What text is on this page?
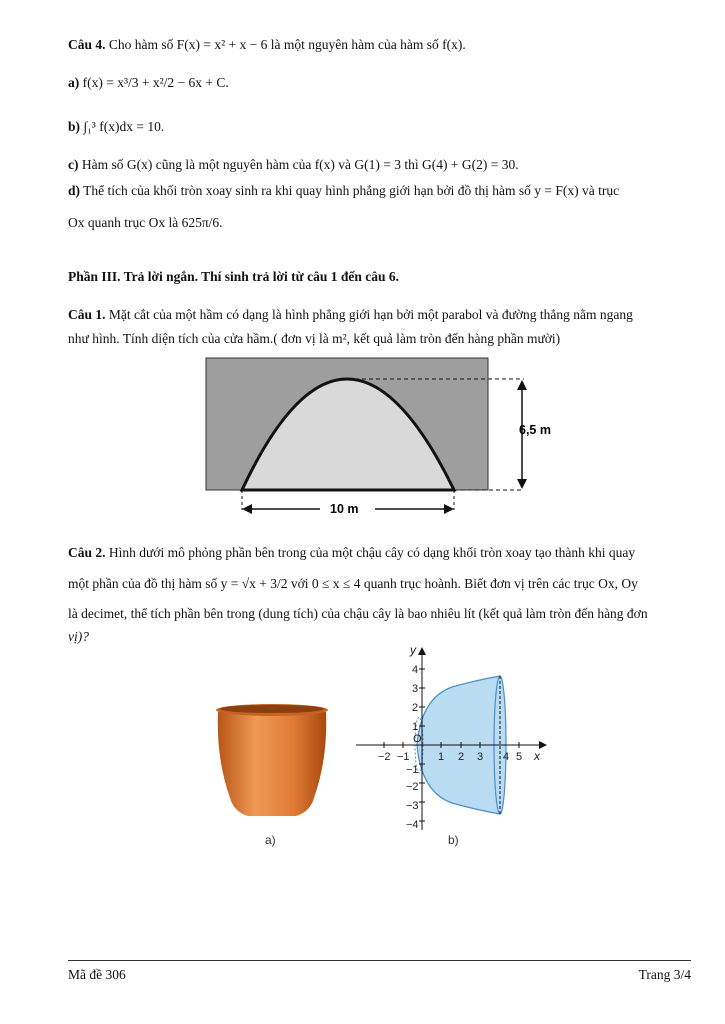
Câu 4. Cho hàm số F(x) = x² + x − 6 là một nguyên hàm của hàm số f(x).
a) f(x) = x³/3 + x²/2 − 6x + C.
b) ∫₁³ f(x)dx = 10.
c) Hàm số G(x) cũng là một nguyên hàm của f(x) và G(1) = 3 thì G(4) + G(2) = 30.
d) Thể tích của khối tròn xoay sinh ra khi quay hình phẳng giới hạn bởi đồ thị hàm số y = F(x) và trục
Ox quanh trục Ox là 625π/6.
Phần III. Trả lời ngắn. Thí sinh trả lời từ câu 1 đến câu 6.
Câu 1. Mặt cắt của một hầm có dạng là hình phẳng giới hạn bởi một parabol và đường thẳng nằm ngang
như hình. Tính diện tích của cửa hầm.( đơn vị là m², kết quả làm tròn đến hàng phần mười)
6,5 m
10 m
Câu 2. Hình dưới mô phỏng phần bên trong của một chậu cây có dạng khối tròn xoay tạo thành khi quay
một phần của đồ thị hàm số y = √x + 3/2 với 0 ≤ x ≤ 4 quanh trục hoành. Biết đơn vị trên các trục Ox, Oy
là decimet, thể tích phần bên trong (dung tích) của chậu cây là bao nhiêu lít (kết quả làm tròn đến hàng đơn
vị)?
a)
−2 −1	1 2 3 4 5
4
3
2
1
−1
−2
−3
−4
O
x
y
b)
Mã đề 306	Trang 3/4
